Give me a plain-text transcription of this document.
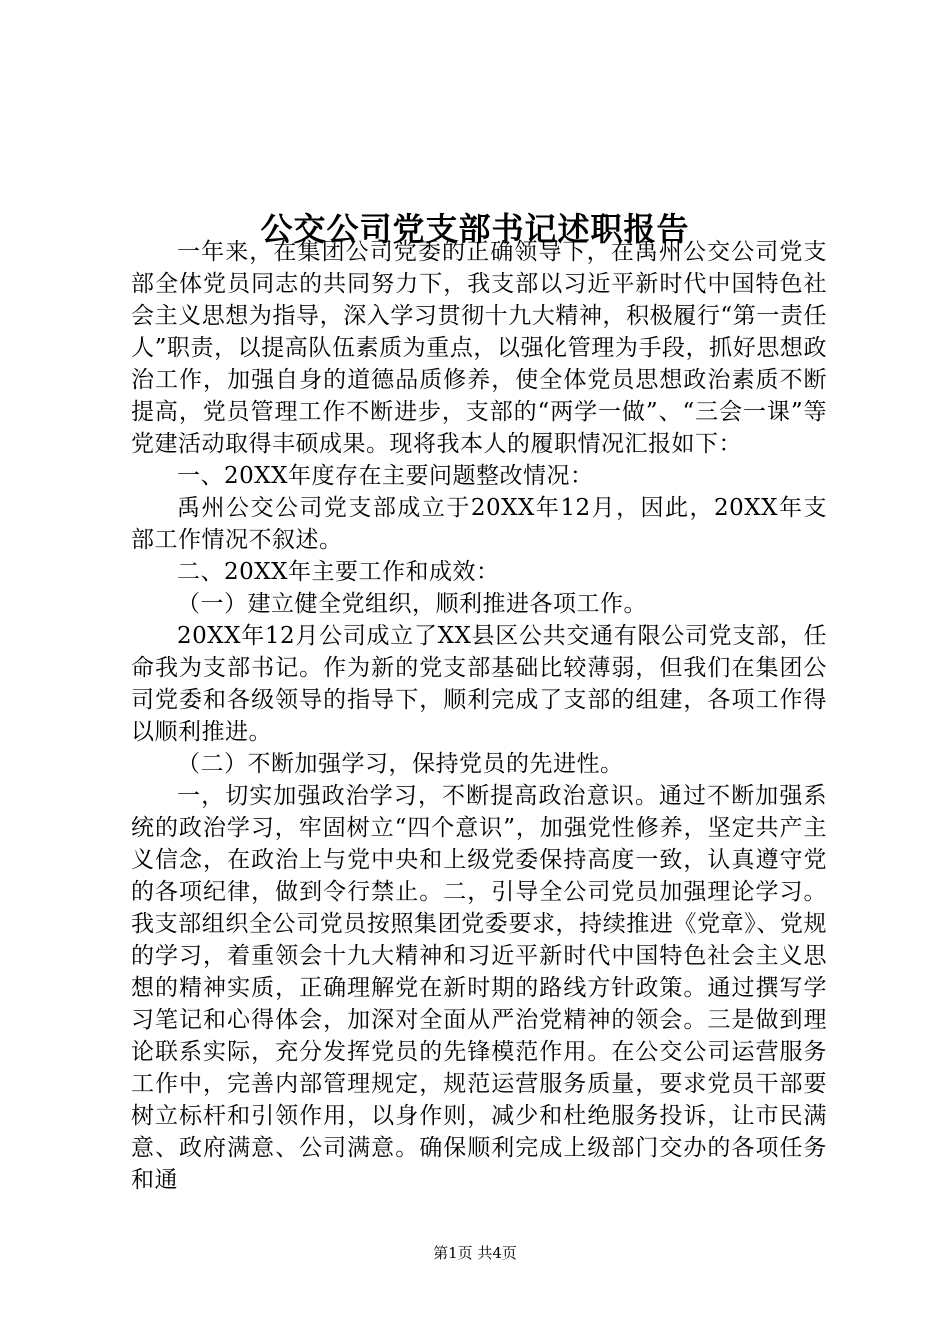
公交公司党支部书记述职报告

一年来，在集团公司党委的正确领导下，在禹州公交公司党支部全体党员同志的共同努力下，我支部以习近平新时代中国特色社会主义思想为指导，深入学习贯彻十九大精神，积极履行“第一责任人”职责，以提高队伍素质为重点，以强化管理为手段，抓好思想政治工作，加强自身的道德品质修养，使全体党员思想政治素质不断提高，党员管理工作不断进步，支部的“两学一做”、“三会一课”等党建活动取得丰硕成果。现将我本人的履职情况汇报如下：

一、20XX年度存在主要问题整改情况：

禹州公交公司党支部成立于20XX年12月，因此，20XX年支部工作情况不叙述。

二、20XX年主要工作和成效：

（一）建立健全党组织，顺利推进各项工作。

20XX年12月公司成立了XX县区公共交通有限公司党支部，任命我为支部书记。作为新的党支部基础比较薄弱，但我们在集团公司党委和各级领导的指导下，顺利完成了支部的组建，各项工作得以顺利推进。

（二）不断加强学习，保持党员的先进性。

一，切实加强政治学习，不断提高政治意识。通过不断加强系统的政治学习，牢固树立“四个意识”，加强党性修养，坚定共产主义信念，在政治上与党中央和上级党委保持高度一致，认真遵守党的各项纪律，做到令行禁止。二，引导全公司党员加强理论学习。我支部组织全公司党员按照集团党委要求，持续推进《党章》、党规的学习，着重领会十九大精神和习近平新时代中国特色社会主义思想的精神实质，正确理解党在新时期的路线方针政策。通过撰写学习笔记和心得体会，加深对全面从严治党精神的领会。三是做到理论联系实际，充分发挥党员的先锋模范作用。在公交公司运营服务工作中，完善内部管理规定，规范运营服务质量，要求党员干部要树立标杆和引领作用，以身作则，减少和杜绝服务投诉，让市民满意、政府满意、公司满意。确保顺利完成上级部门交办的各项任务和通

第1页 共4页
